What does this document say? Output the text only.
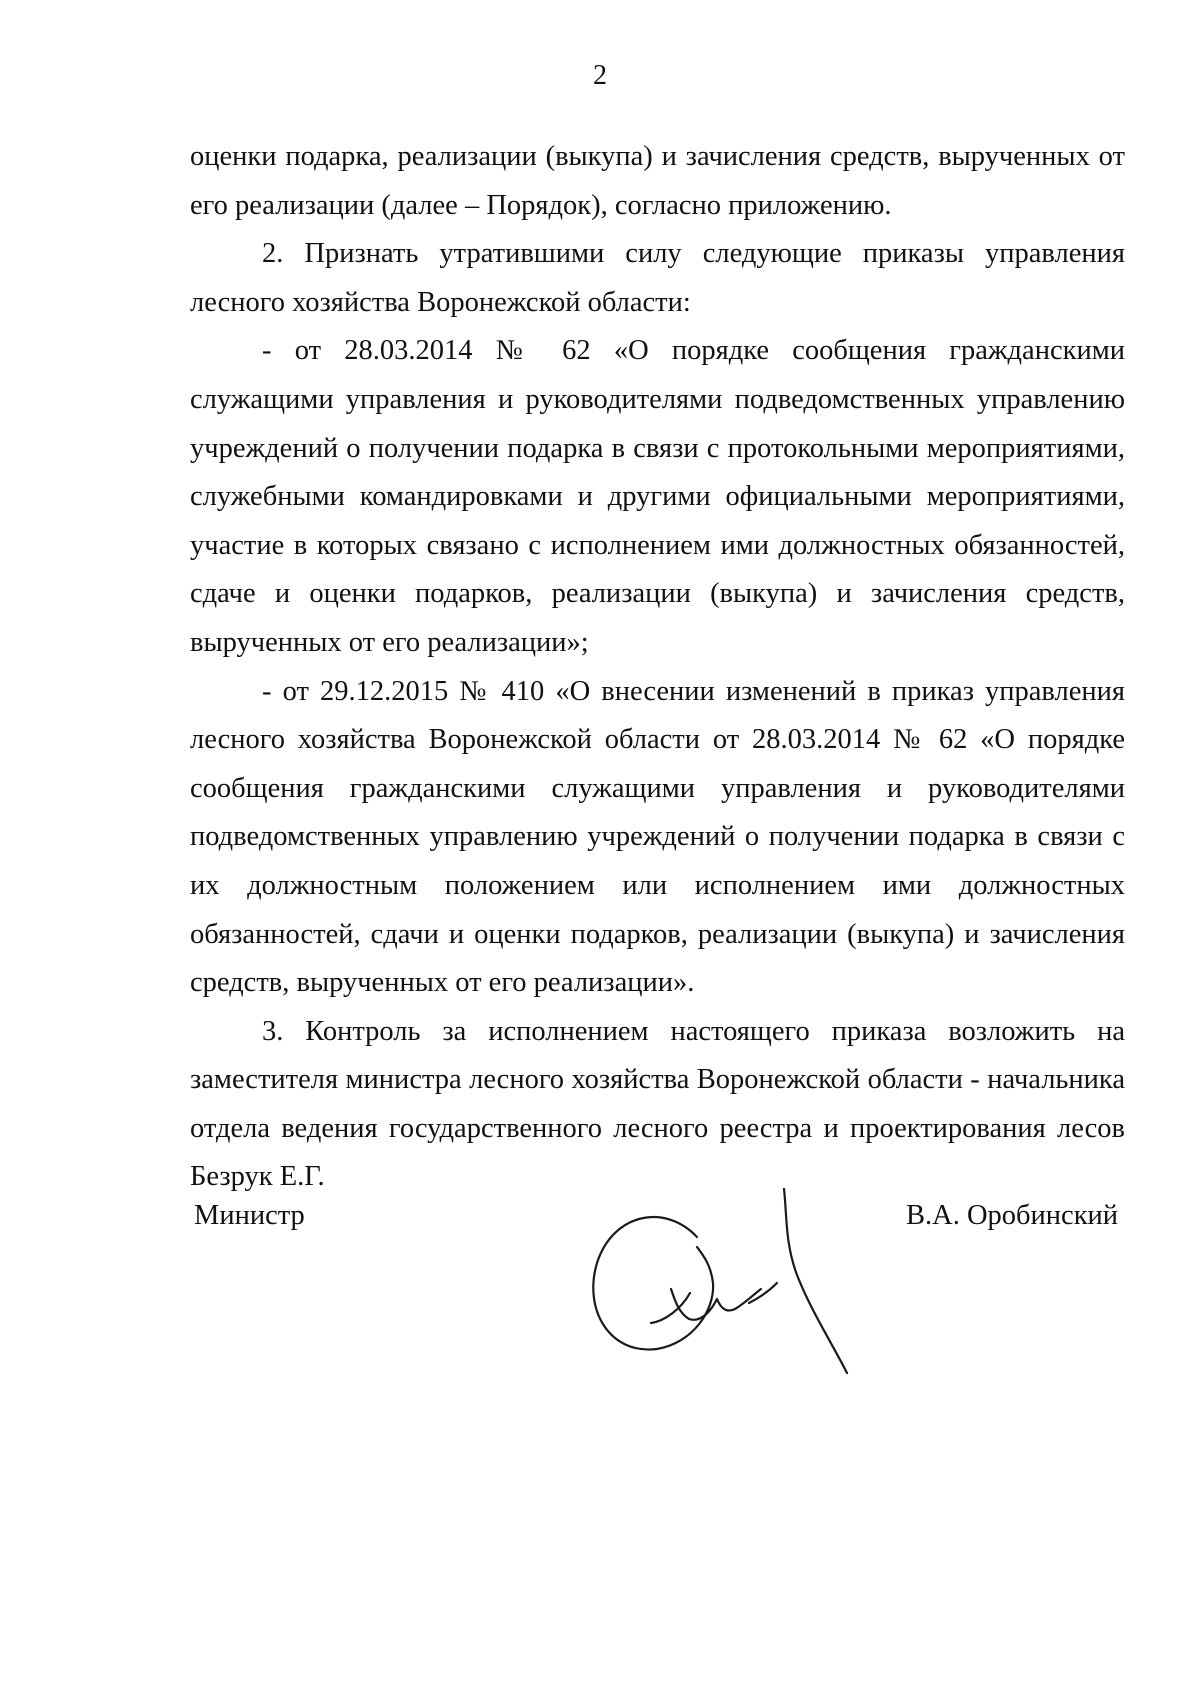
2

оценки подарка, реализации (выкупа) и зачисления средств, вырученных от его реализации (далее – Порядок), согласно приложению.

2. Признать утратившими силу следующие приказы управления лесного хозяйства Воронежской области:

- от 28.03.2014 № 62 «О порядке сообщения гражданскими служащими управления и руководителями подведомственных управлению учреждений о получении подарка в связи с протокольными мероприятиями, служебными командировками и другими официальными мероприятиями, участие в которых связано с исполнением ими должностных обязанностей, сдаче и оценки подарков, реализации (выкупа) и зачисления средств, вырученных от его реализации»;

- от 29.12.2015 № 410 «О внесении изменений в приказ управления лесного хозяйства Воронежской области от 28.03.2014 № 62 «О порядке сообщения гражданскими служащими управления и руководителями подведомственных управлению учреждений о получении подарка в связи с их должностным положением или исполнением ими должностных обязанностей, сдачи и оценки подарков, реализации (выкупа) и зачисления средств, вырученных от его реализации».

3. Контроль за исполнением настоящего приказа возложить на заместителя министра лесного хозяйства Воронежской области - начальника отдела ведения государственного лесного реестра и проектирования лесов Безрук Е.Г.

Министр	В.А. Оробинский
